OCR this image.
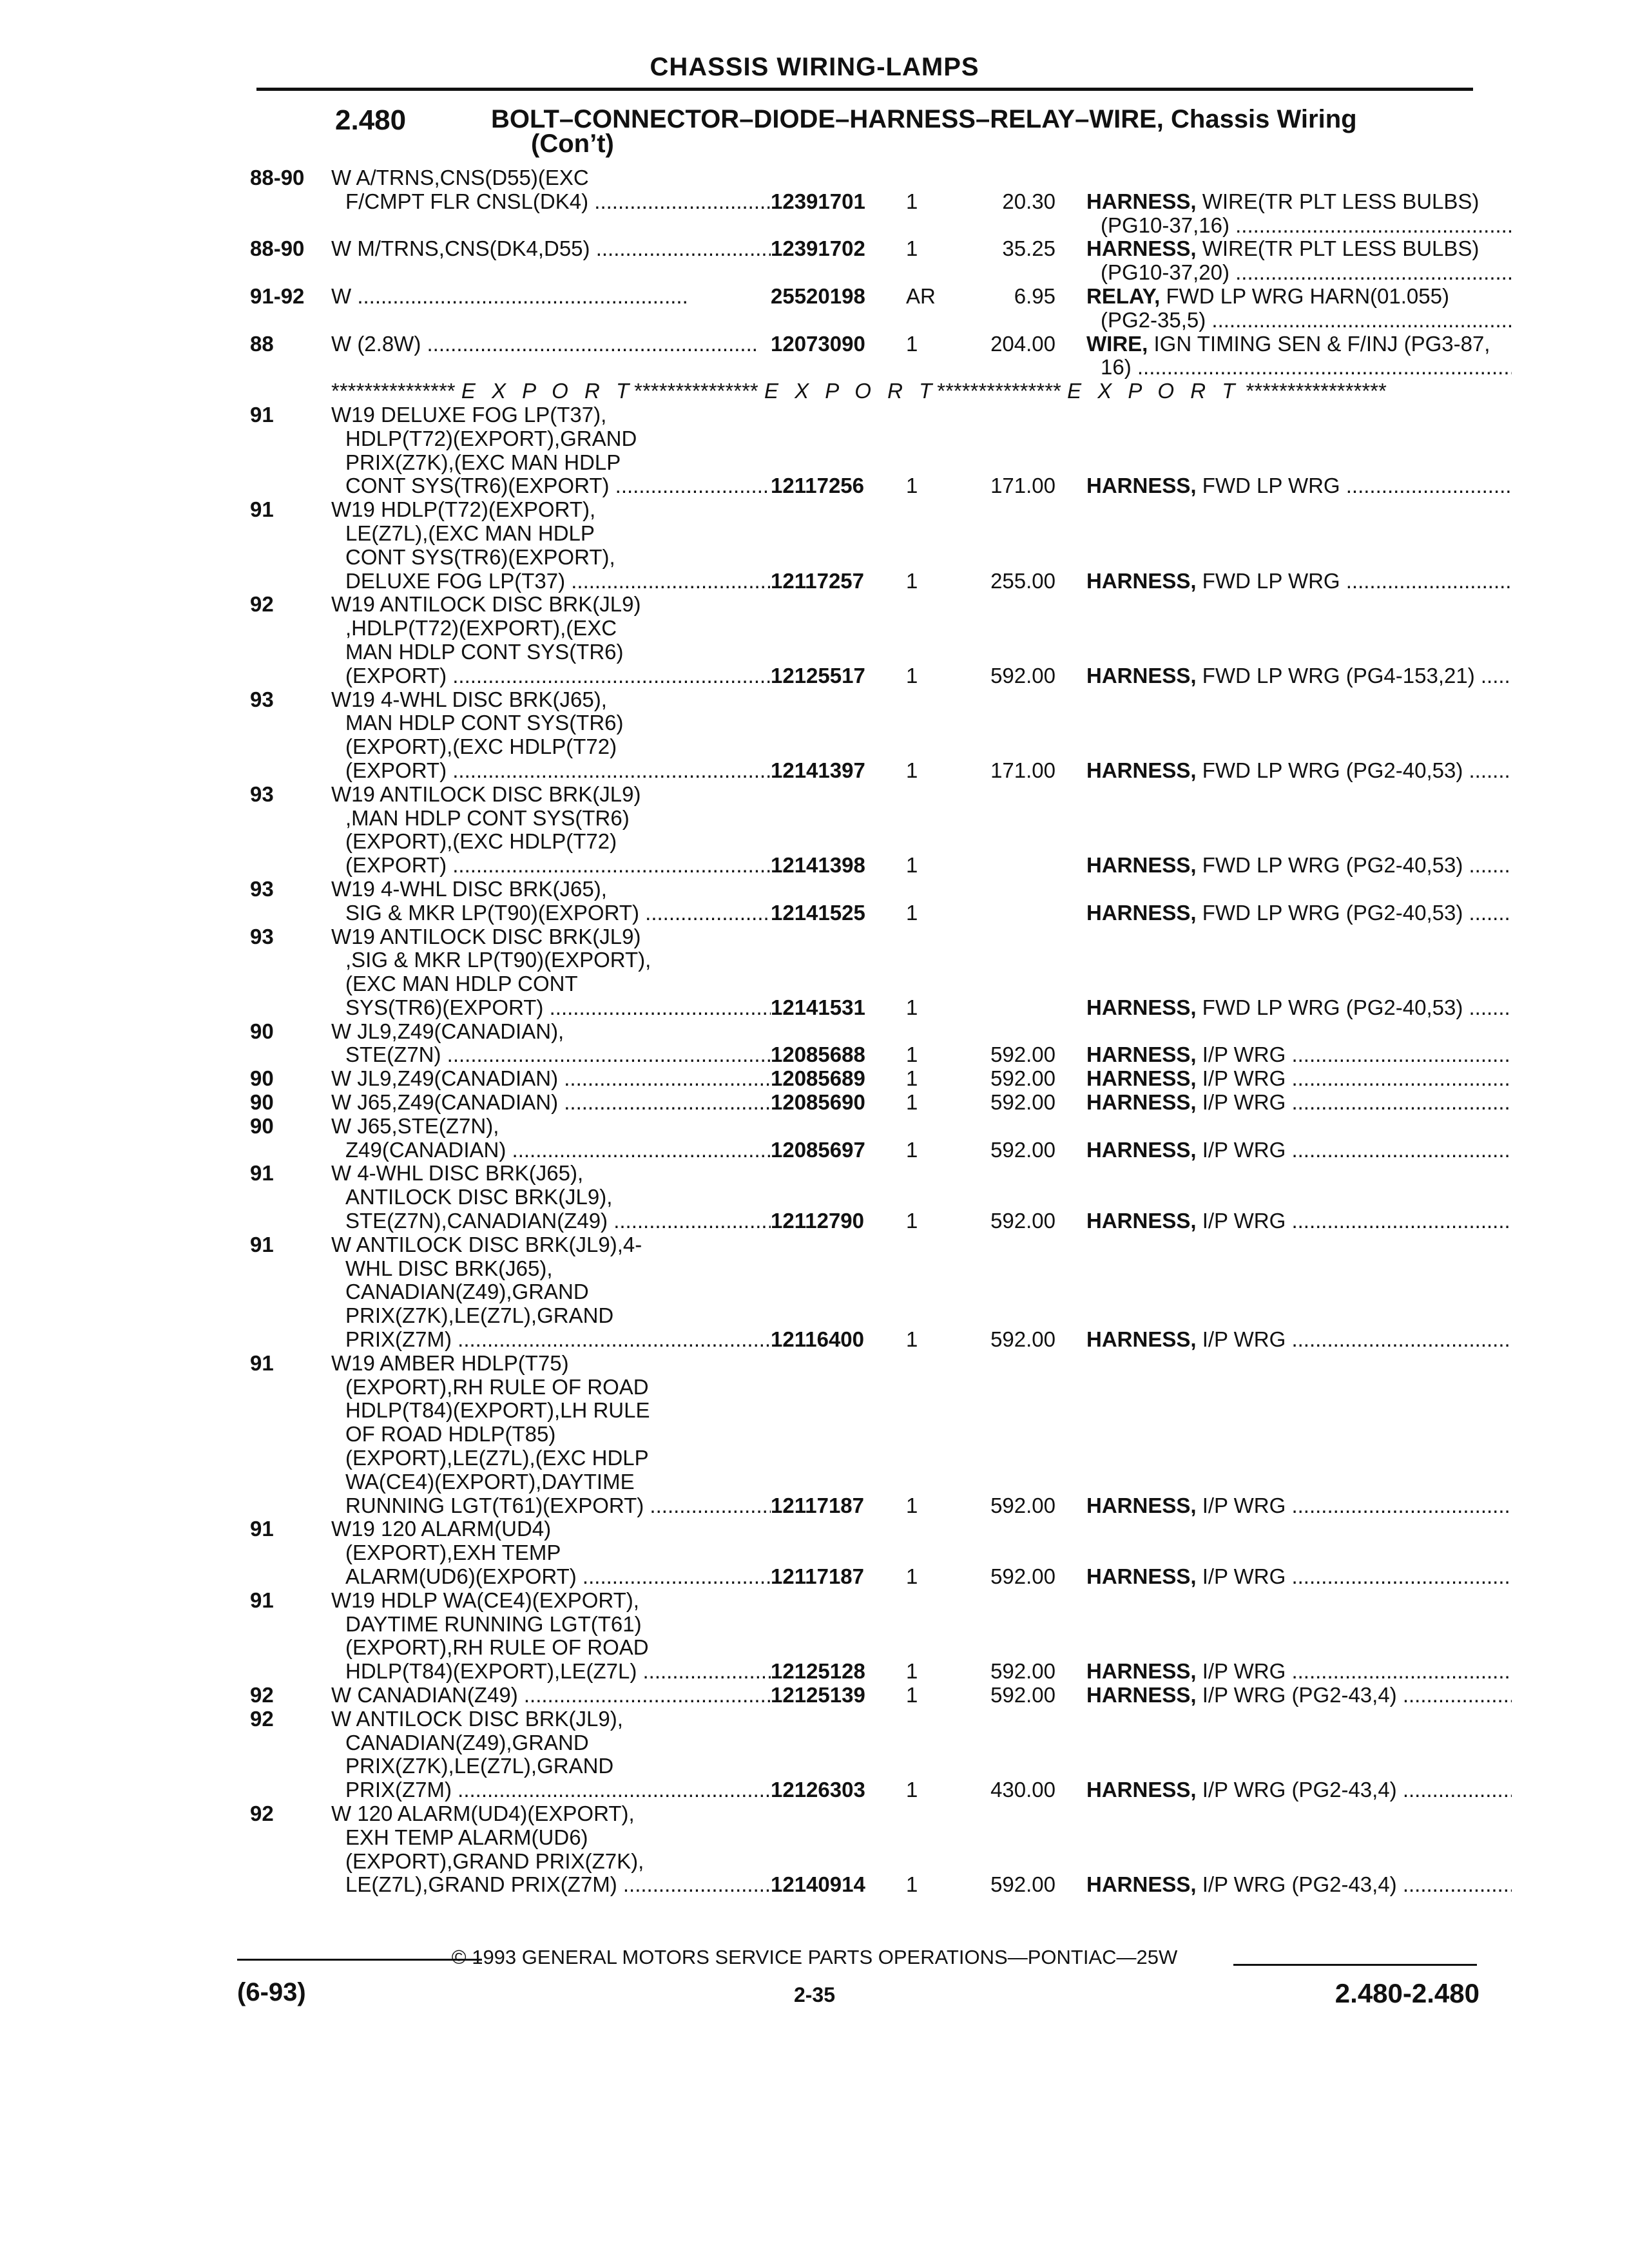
CHASSIS WIRING-LAMPS
2.480	BOLT–CONNECTOR–DIODE–HARNESS–RELAY–WIRE, Chassis Wiring
(Con’t)
88-90	W A/TRNS,CNS(D55)(EXC
F/CMPT FLR CNSL(DK4) .....	12391701	1	20.30 HARNESS, WIRE(TR PLT LESS BULBS)
(PG10-37,16) .....
88-90	W M/TRNS,CNS(DK4,D55) .....	12391702	1	35.25 HARNESS, WIRE(TR PLT LESS BULBS)
(PG10-37,20) .....
91-92	W .....	25520198	AR	6.95 RELAY, FWD LP WRG HARN(01.055)
(PG2-35,5) .....
88	W (2.8W) .....	12073090	1	204.00 WIRE, IGN TIMING SEN & F/INJ (PG3-87,
16) .....
*************** E X P O R T*************** E X P O R T*************** E X P O R T *****************
91	W19 DELUXE FOG LP(T37),
HDLP(T72)(EXPORT),GRAND
PRIX(Z7K),(EXC MAN HDLP
CONT SYS(TR6)(EXPORT) .....	12117256	1	171.00 HARNESS, FWD LP WRG .....
91	W19 HDLP(T72)(EXPORT),
LE(Z7L),(EXC MAN HDLP
CONT SYS(TR6)(EXPORT),
DELUXE FOG LP(T37) .....	12117257	1	255.00 HARNESS, FWD LP WRG .....
92	W19 ANTILOCK DISC BRK(JL9)
,HDLP(T72)(EXPORT),(EXC
MAN HDLP CONT SYS(TR6)
(EXPORT) .....	12125517	1	592.00 HARNESS, FWD LP WRG (PG4-153,21) .....
93	W19 4-WHL DISC BRK(J65),
MAN HDLP CONT SYS(TR6)
(EXPORT),(EXC HDLP(T72)
(EXPORT) .....	12141397	1	171.00 HARNESS, FWD LP WRG (PG2-40,53) .....
93	W19 ANTILOCK DISC BRK(JL9)
,MAN HDLP CONT SYS(TR6)
(EXPORT),(EXC HDLP(T72)
(EXPORT) .....	12141398	1	HARNESS, FWD LP WRG (PG2-40,53) .....
93	W19 4-WHL DISC BRK(J65),
SIG & MKR LP(T90)(EXPORT) .....	12141525	1	HARNESS, FWD LP WRG (PG2-40,53) .....
93	W19 ANTILOCK DISC BRK(JL9)
,SIG & MKR LP(T90)(EXPORT),
(EXC MAN HDLP CONT
SYS(TR6)(EXPORT) .....	12141531	1	HARNESS, FWD LP WRG (PG2-40,53) .....
90	W JL9,Z49(CANADIAN),
STE(Z7N) .....	12085688	1	592.00 HARNESS, I/P WRG .....
90	W JL9,Z49(CANADIAN) .....	12085689	1	592.00 HARNESS, I/P WRG .....
90	W J65,Z49(CANADIAN) .....	12085690	1	592.00 HARNESS, I/P WRG .....
90	W J65,STE(Z7N),
Z49(CANADIAN) .....	12085697	1	592.00 HARNESS, I/P WRG .....
91	W 4-WHL DISC BRK(J65),
ANTILOCK DISC BRK(JL9),
STE(Z7N),CANADIAN(Z49) .....	12112790	1	592.00 HARNESS, I/P WRG .....
91	W ANTILOCK DISC BRK(JL9),4-
WHL DISC BRK(J65),
CANADIAN(Z49),GRAND
PRIX(Z7K),LE(Z7L),GRAND
PRIX(Z7M) .....	12116400	1	592.00 HARNESS, I/P WRG .....
91	W19 AMBER HDLP(T75)
(EXPORT),RH RULE OF ROAD
HDLP(T84)(EXPORT),LH RULE
OF ROAD HDLP(T85)
(EXPORT),LE(Z7L),(EXC HDLP
WA(CE4)(EXPORT),DAYTIME
RUNNING LGT(T61)(EXPORT) .....	12117187	1	592.00 HARNESS, I/P WRG .....
91	W19 120 ALARM(UD4)
(EXPORT),EXH TEMP
ALARM(UD6)(EXPORT) .....	12117187	1	592.00 HARNESS, I/P WRG .....
91	W19 HDLP WA(CE4)(EXPORT),
DAYTIME RUNNING LGT(T61)
(EXPORT),RH RULE OF ROAD
HDLP(T84)(EXPORT),LE(Z7L) .....	12125128	1	592.00 HARNESS, I/P WRG .....
92	W CANADIAN(Z49) .....	12125139	1	592.00 HARNESS, I/P WRG (PG2-43,4) .....
92	W ANTILOCK DISC BRK(JL9),
CANADIAN(Z49),GRAND
PRIX(Z7K),LE(Z7L),GRAND
PRIX(Z7M) .....	12126303	1	430.00 HARNESS, I/P WRG (PG2-43,4) .....
92	W 120 ALARM(UD4)(EXPORT),
EXH TEMP ALARM(UD6)
(EXPORT),GRAND PRIX(Z7K),
LE(Z7L),GRAND PRIX(Z7M) .....	12140914	1	592.00 HARNESS, I/P WRG (PG2-43,4) .....
© 1993 GENERAL MOTORS SERVICE PARTS OPERATIONS—PONTIAC—25W
(6-93)	2-35	2.480-2.480
